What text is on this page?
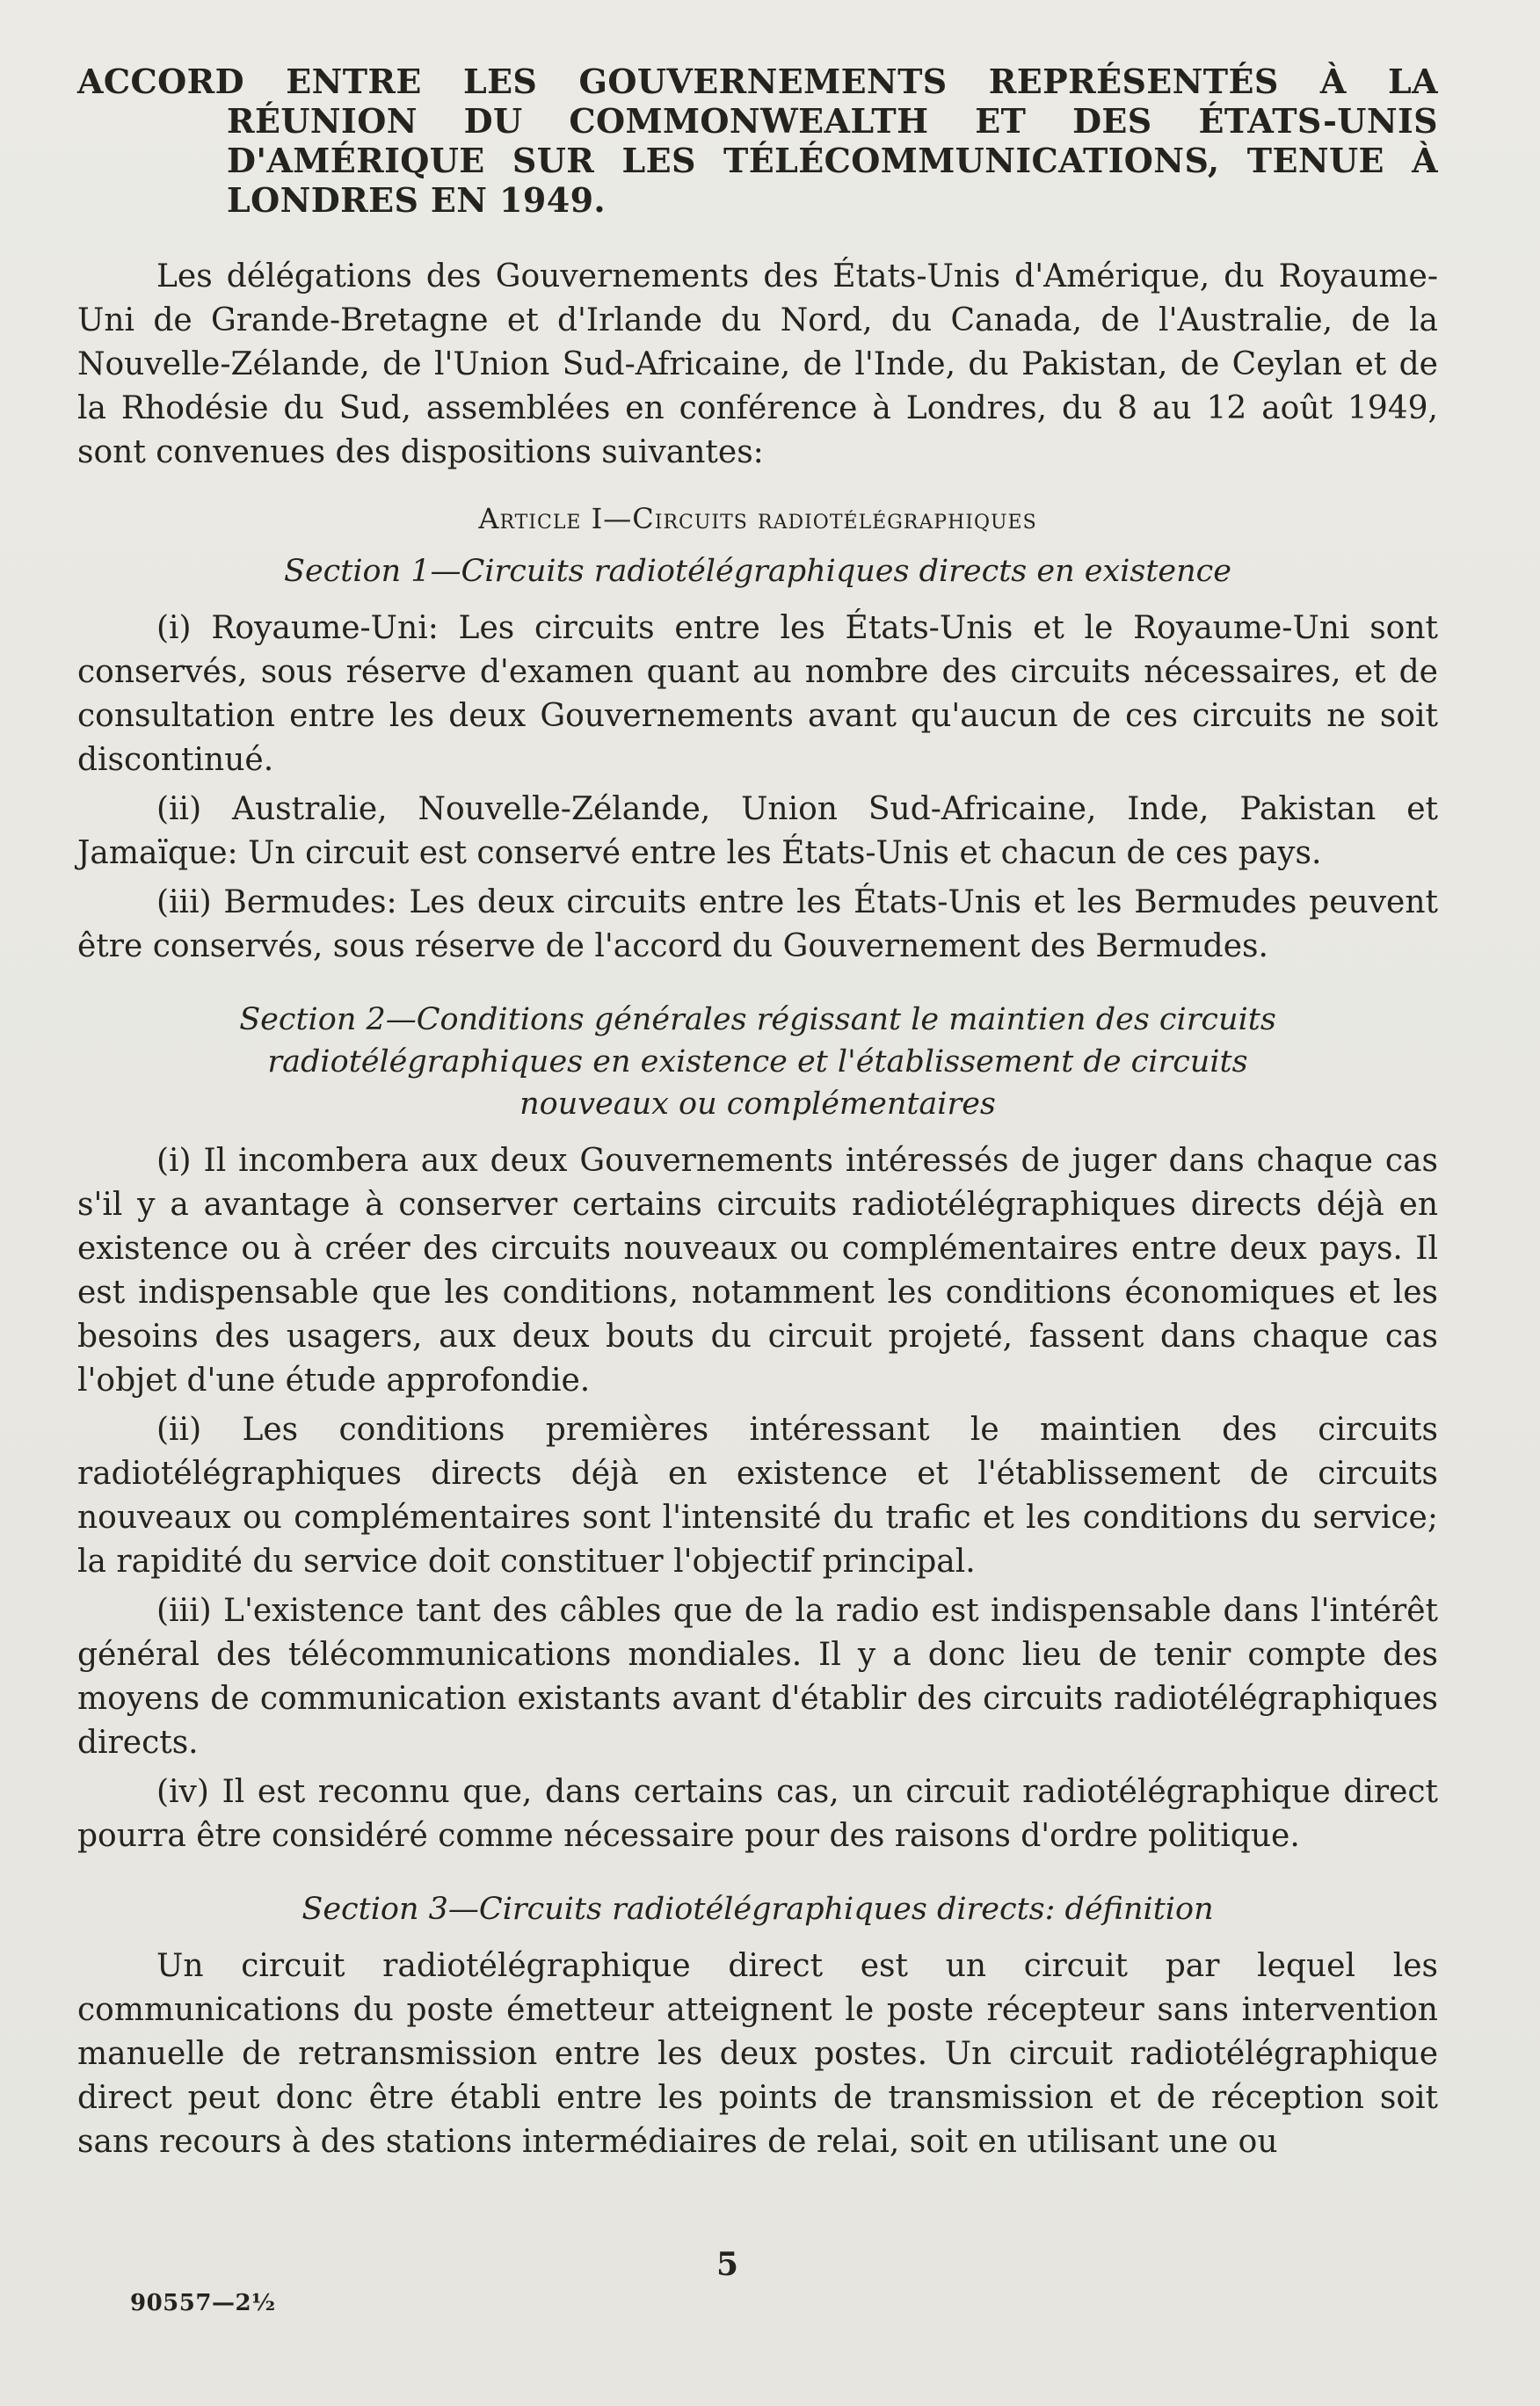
ACCORD ENTRE LES GOUVERNEMENTS REPRÉSENTÉS À LA RÉUNION DU COMMONWEALTH ET DES ÉTATS-UNIS D'AMÉRIQUE SUR LES TÉLÉCOMMUNICATIONS, TENUE À LONDRES EN 1949.

Les délégations des Gouvernements des États-Unis d'Amérique, du Royaume-Uni de Grande-Bretagne et d'Irlande du Nord, du Canada, de l'Australie, de la Nouvelle-Zélande, de l'Union Sud-Africaine, de l'Inde, du Pakistan, de Ceylan et de la Rhodésie du Sud, assemblées en conférence à Londres, du 8 au 12 août 1949, sont convenues des dispositions suivantes:

Article I—Circuits radiotélégraphiques
Section 1—Circuits radiotélégraphiques directs en existence

(i) Royaume-Uni: Les circuits entre les États-Unis et le Royaume-Uni sont conservés, sous réserve d'examen quant au nombre des circuits nécessaires, et de consultation entre les deux Gouvernements avant qu'aucun de ces circuits ne soit discontinué.

(ii) Australie, Nouvelle-Zélande, Union Sud-Africaine, Inde, Pakistan et Jamaïque: Un circuit est conservé entre les États-Unis et chacun de ces pays.

(iii) Bermudes: Les deux circuits entre les États-Unis et les Bermudes peuvent être conservés, sous réserve de l'accord du Gouvernement des Bermudes.

Section 2—Conditions générales régissant le maintien des circuits
radiotélégraphiques en existence et l'établissement de circuits
nouveaux ou complémentaires

(i) Il incombera aux deux Gouvernements intéressés de juger dans chaque cas s'il y a avantage à conserver certains circuits radiotélégraphiques directs déjà en existence ou à créer des circuits nouveaux ou complémentaires entre deux pays. Il est indispensable que les conditions, notamment les conditions économiques et les besoins des usagers, aux deux bouts du circuit projeté, fassent dans chaque cas l'objet d'une étude approfondie.

(ii) Les conditions premières intéressant le maintien des circuits radiotélégraphiques directs déjà en existence et l'établissement de circuits nouveaux ou complémentaires sont l'intensité du trafic et les conditions du service; la rapidité du service doit constituer l'objectif principal.

(iii) L'existence tant des câbles que de la radio est indispensable dans l'intérêt général des télécommunications mondiales. Il y a donc lieu de tenir compte des moyens de communication existants avant d'établir des circuits radiotélégraphiques directs.

(iv) Il est reconnu que, dans certains cas, un circuit radiotélégraphique direct pourra être considéré comme nécessaire pour des raisons d'ordre politique.

Section 3—Circuits radiotélégraphiques directs: définition

Un circuit radiotélégraphique direct est un circuit par lequel les communications du poste émetteur atteignent le poste récepteur sans intervention manuelle de retransmission entre les deux postes. Un circuit radiotélégraphique direct peut donc être établi entre les points de transmission et de réception soit sans recours à des stations intermédiaires de relai, soit en utilisant une ou

5
90557—2½
